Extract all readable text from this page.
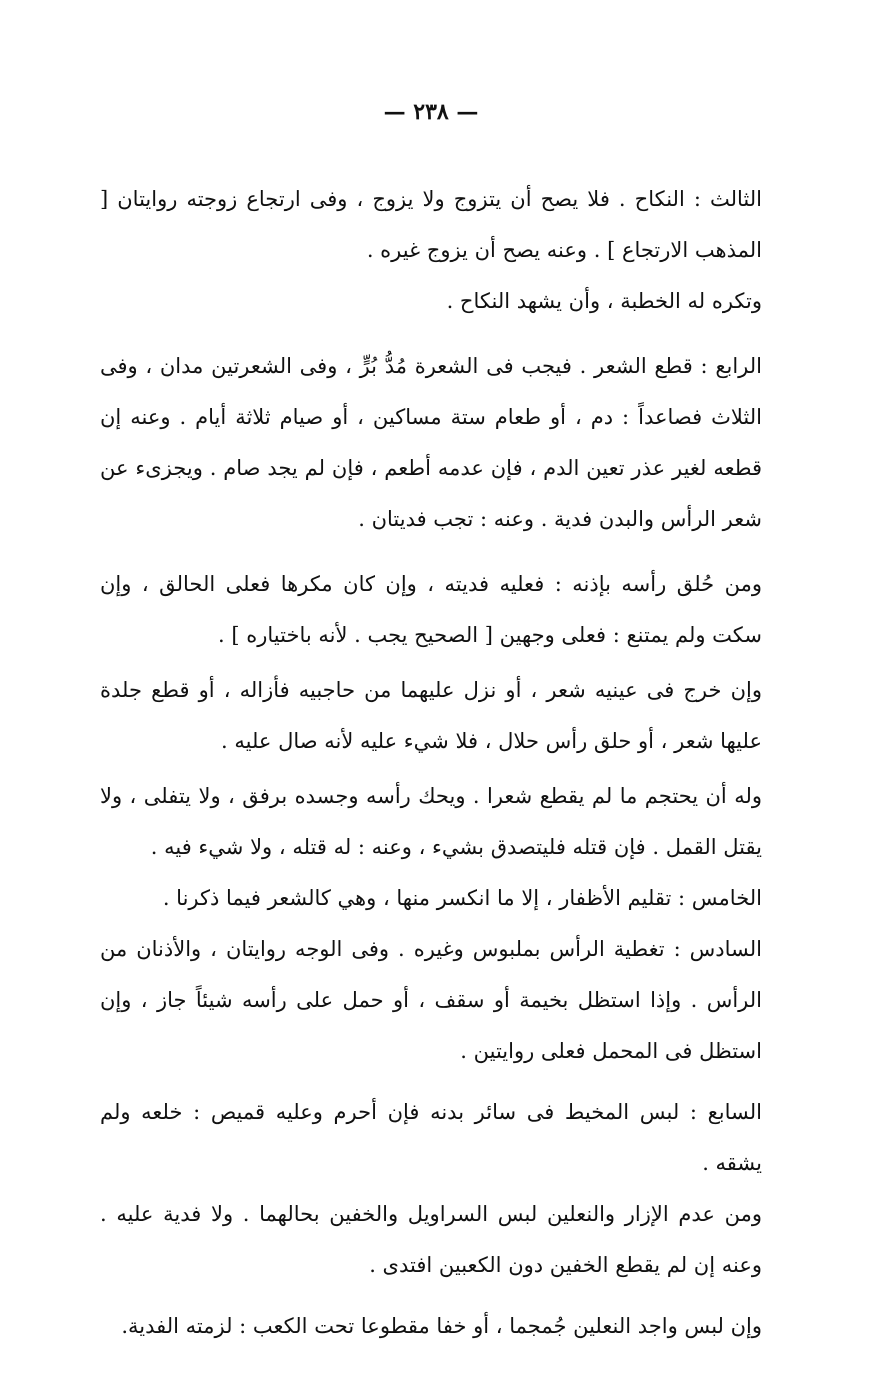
— ٢٣٨ —

الثالث : النكاح . فلا يصح أن يتزوج ولا يزوج ، وفى ارتجاع زوجته روايتان [ المذهب الارتجاع ] . وعنه يصح أن يزوج غيره .

وتكره له الخطبة ، وأن يشهد النكاح .

الرابع : قطع الشعر . فيجب فى الشعرة مُدُّ بُرٍّ ، وفى الشعرتين مدان ، وفى الثلاث فصاعداً : دم ، أو طعام ستة مساكين ، أو صيام ثلاثة أيام . وعنه إن قطعه لغير عذر تعين الدم ، فإن عدمه أطعم ، فإن لم يجد صام . ويجزىء عن شعر الرأس والبدن فدية . وعنه : تجب فديتان .

ومن حُلق رأسه بإذنه : فعليه فديته ، وإن كان مكرها فعلى الحالق ، وإن سكت ولم يمتنع : فعلى وجهين [ الصحيح يجب . لأنه باختياره ] .

وإن خرج فى عينيه شعر ، أو نزل عليهما من حاجبيه فأزاله ، أو قطع جلدة عليها شعر ، أو حلق رأس حلال ، فلا شيء عليه لأنه صال عليه .

وله أن يحتجم ما لم يقطع شعرا . ويحك رأسه وجسده برفق ، ولا يتفلى ، ولا يقتل القمل . فإن قتله فليتصدق بشيء ، وعنه : له قتله ، ولا شيء فيه .

الخامس : تقليم الأظفار ، إلا ما انكسر منها ، وهي كالشعر فيما ذكرنا .

السادس : تغطية الرأس بملبوس وغيره . وفى الوجه روايتان ، والأذنان من الرأس . وإذا استظل بخيمة أو سقف ، أو حمل على رأسه شيئاً جاز ، وإن استظل فى المحمل فعلى روايتين .

السابع : لبس المخيط فى سائر بدنه فإن أحرم وعليه قميص : خلعه ولم يشقه .

ومن عدم الإزار والنعلين لبس السراويل والخفين بحالهما . ولا فدية عليه . وعنه إن لم يقطع الخفين دون الكعبين افتدى .

وإن لبس واجد النعلين جُمجما ، أو خفا مقطوعا تحت الكعب : لزمته الفدية.
